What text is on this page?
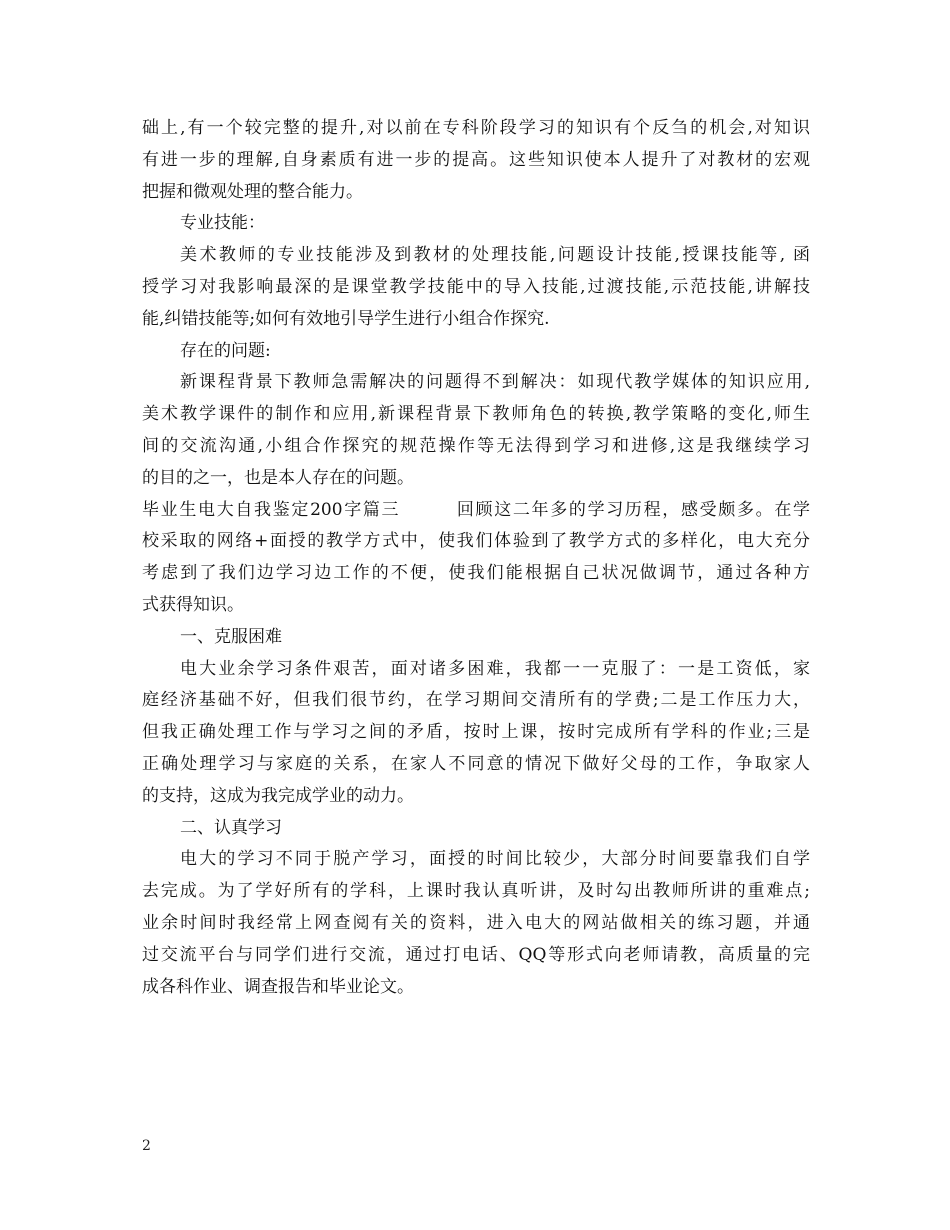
础上,有一个较完整的提升,对以前在专科阶段学习的知识有个反刍的机会,对知识
有进一步的理解,自身素质有进一步的提高。这些知识使本人提升了对教材的宏观
把握和微观处理的整合能力。
专业技能：
美术教师的专业技能涉及到教材的处理技能,问题设计技能,授课技能等, 函
授学习对我影响最深的是课堂教学技能中的导入技能,过渡技能,示范技能,讲解技
能,纠错技能等;如何有效地引导学生进行小组合作探究.
存在的问题:
新课程背景下教师急需解决的问题得不到解决：如现代教学媒体的知识应用,
美术教学课件的制作和应用,新课程背景下教师角色的转换,教学策略的变化,师生
间的交流沟通,小组合作探究的规范操作等无法得到学习和进修,这是我继续学习
的目的之一，也是本人存在的问题。
毕业生电大自我鉴定200字篇三        回顾这二年多的学习历程，感受颇多。在学
校采取的网络+面授的教学方式中，使我们体验到了教学方式的多样化，电大充分
考虑到了我们边学习边工作的不便，使我们能根据自己状况做调节，通过各种方
式获得知识。
一、克服困难
电大业余学习条件艰苦，面对诸多困难，我都一一克服了：一是工资低，家
庭经济基础不好，但我们很节约，在学习期间交清所有的学费;二是工作压力大，
但我正确处理工作与学习之间的矛盾，按时上课，按时完成所有学科的作业;三是
正确处理学习与家庭的关系，在家人不同意的情况下做好父母的工作，争取家人
的支持，这成为我完成学业的动力。
二、认真学习
电大的学习不同于脱产学习，面授的时间比较少，大部分时间要靠我们自学
去完成。为了学好所有的学科，上课时我认真听讲，及时勾出教师所讲的重难点;
业余时间时我经常上网查阅有关的资料，进入电大的网站做相关的练习题，并通
过交流平台与同学们进行交流，通过打电话、QQ等形式向老师请教，高质量的完
成各科作业、调查报告和毕业论文。
2
